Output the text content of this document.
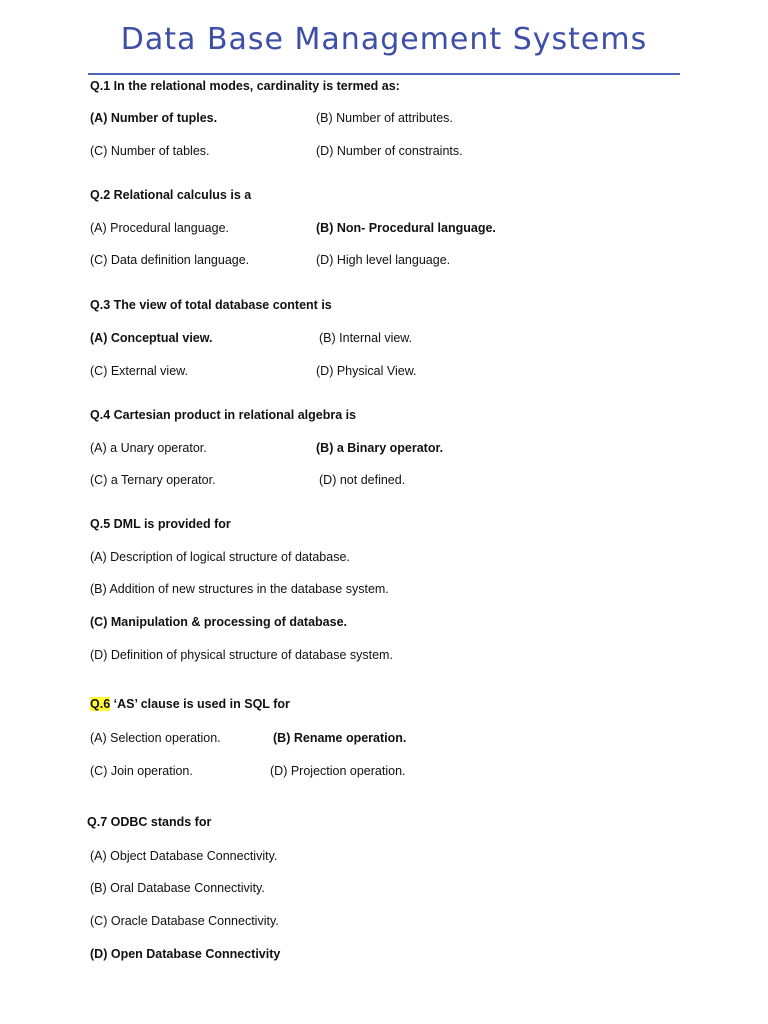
Data Base Management Systems
Q.1 In the relational modes, cardinality is termed as:
(A) Number of tuples.	(B) Number of attributes.
(C) Number of tables.	(D) Number of constraints.
Q.2 Relational calculus is a
(A) Procedural language.	(B) Non- Procedural language.
(C) Data definition language.	(D) High level language.
Q.3 The view of total database content is
(A) Conceptual view.	(B) Internal view.
(C) External view.	(D) Physical View.
Q.4 Cartesian product in relational algebra is
(A) a Unary operator.	(B) a Binary operator.
(C) a Ternary operator.	(D) not defined.
Q.5 DML is provided for
(A) Description of logical structure of database.
(B) Addition of new structures in the database system.
(C) Manipulation & processing of database.
(D) Definition of physical structure of database system.
Q.6 ‘AS’ clause is used in SQL for
(A) Selection operation.	(B) Rename operation.
(C) Join operation.	(D) Projection operation.
Q.7 ODBC stands for
(A) Object Database Connectivity.
(B) Oral Database Connectivity.
(C) Oracle Database Connectivity.
(D) Open Database Connectivity
